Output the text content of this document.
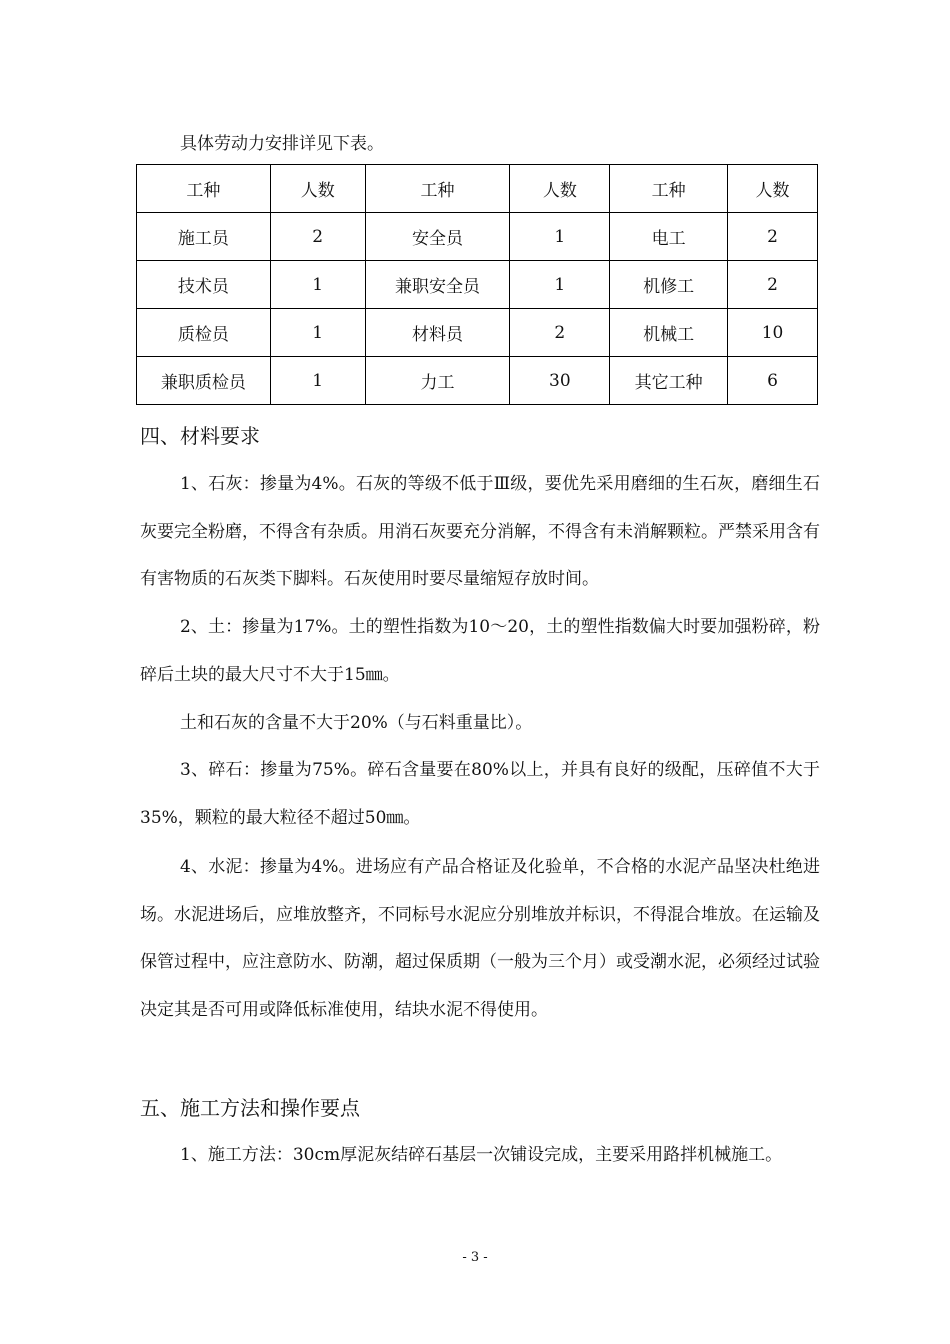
具体劳动力安排详见下表。

工种	人数	工种	人数	工种	人数
施工员	2	安全员	1	电工	2
技术员	1	兼职安全员	1	机修工	2
质检员	1	材料员	2	机械工	10
兼职质检员	1	力工	30	其它工种	6

四、材料要求

1、石灰：掺量为4%。石灰的等级不低于Ⅲ级，要优先采用磨细的生石灰，磨细生石灰要完全粉磨，不得含有杂质。用消石灰要充分消解，不得含有未消解颗粒。严禁采用含有有害物质的石灰类下脚料。石灰使用时要尽量缩短存放时间。

2、土：掺量为17%。土的塑性指数为10～20，土的塑性指数偏大时要加强粉碎，粉碎后土块的最大尺寸不大于15㎜。

土和石灰的含量不大于20%（与石料重量比）。

3、碎石：掺量为75%。碎石含量要在80%以上，并具有良好的级配，压碎值不大于35%，颗粒的最大粒径不超过50㎜。

4、水泥：掺量为4%。进场应有产品合格证及化验单，不合格的水泥产品坚决杜绝进场。水泥进场后，应堆放整齐，不同标号水泥应分别堆放并标识，不得混合堆放。在运输及保管过程中，应注意防水、防潮，超过保质期（一般为三个月）或受潮水泥，必须经过试验决定其是否可用或降低标准使用，结块水泥不得使用。

五、施工方法和操作要点

1、施工方法：30cm厚泥灰结碎石基层一次铺设完成，主要采用路拌机械施工。

- 3 -
